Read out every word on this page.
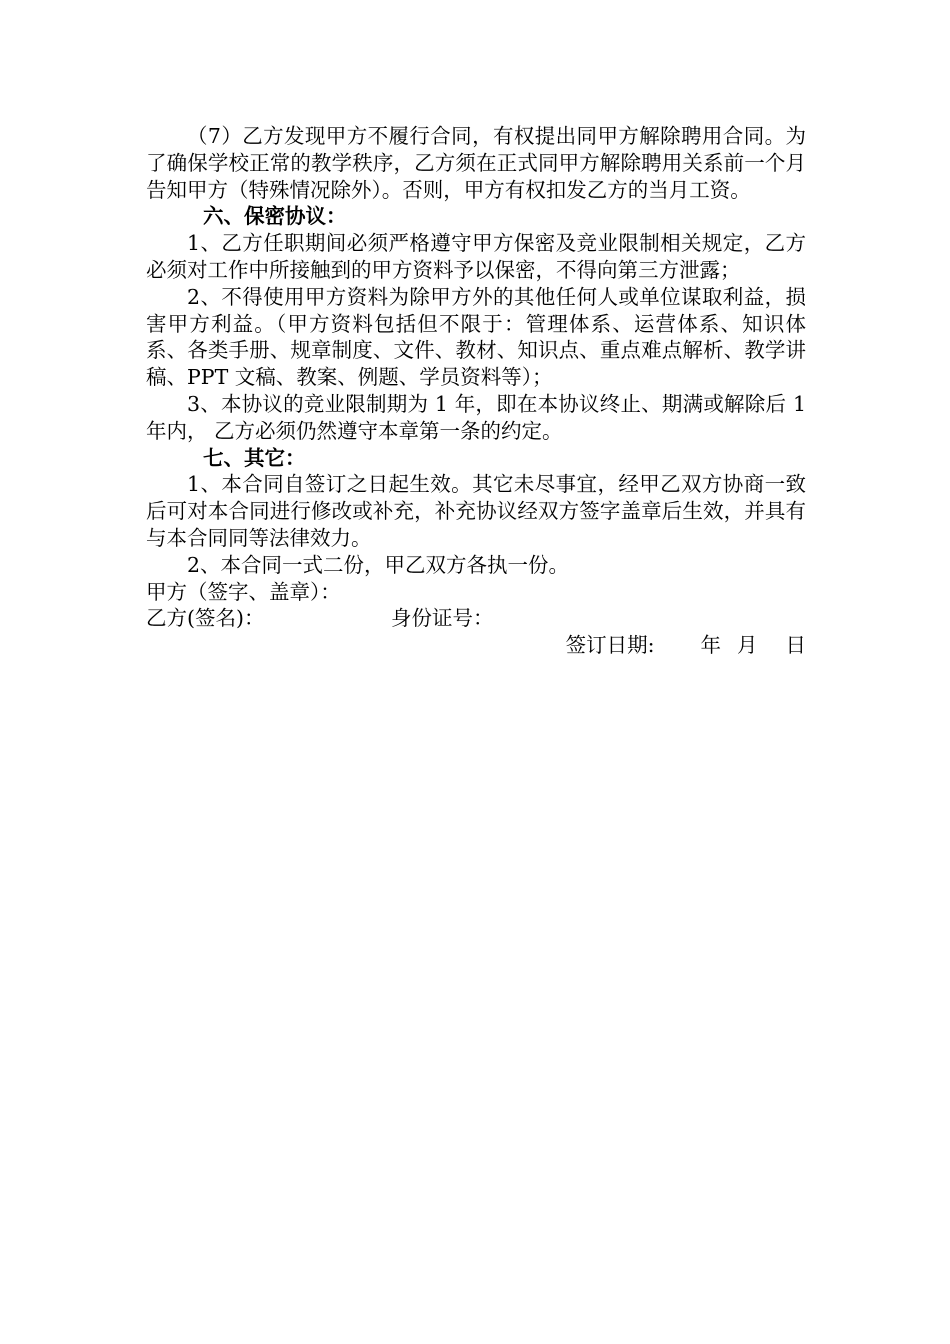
（7）乙方发现甲方不履行合同，有权提出同甲方解除聘用合同。为了确保学校正常的教学秩序，乙方须在正式同甲方解除聘用关系前一个月告知甲方（特殊情况除外）。否则，甲方有权扣发乙方的当月工资。

六、保密协议：

1、乙方任职期间必须严格遵守甲方保密及竞业限制相关规定，乙方必须对工作中所接触到的甲方资料予以保密，不得向第三方泄露；

2、不得使用甲方资料为除甲方外的其他任何人或单位谋取利益，损害甲方利益。（甲方资料包括但不限于：管理体系、运营体系、知识体系、各类手册、规章制度、文件、教材、知识点、重点难点解析、教学讲稿、PPT 文稿、教案、例题、学员资料等）；

3、本协议的竞业限制期为 1 年，即在本协议终止、期满或解除后 1 年内， 乙方必须仍然遵守本章第一条的约定。

七、其它：

1、本合同自签订之日起生效。其它未尽事宜，经甲乙双方协商一致后可对本合同进行修改或补充，补充协议经双方签字盖章后生效，并具有与本合同同等法律效力。

2、本合同一式二份，甲乙双方各执一份。

甲方（签字、盖章）：

乙方(签名)：	身份证号：
签订日期: 年 月 日
